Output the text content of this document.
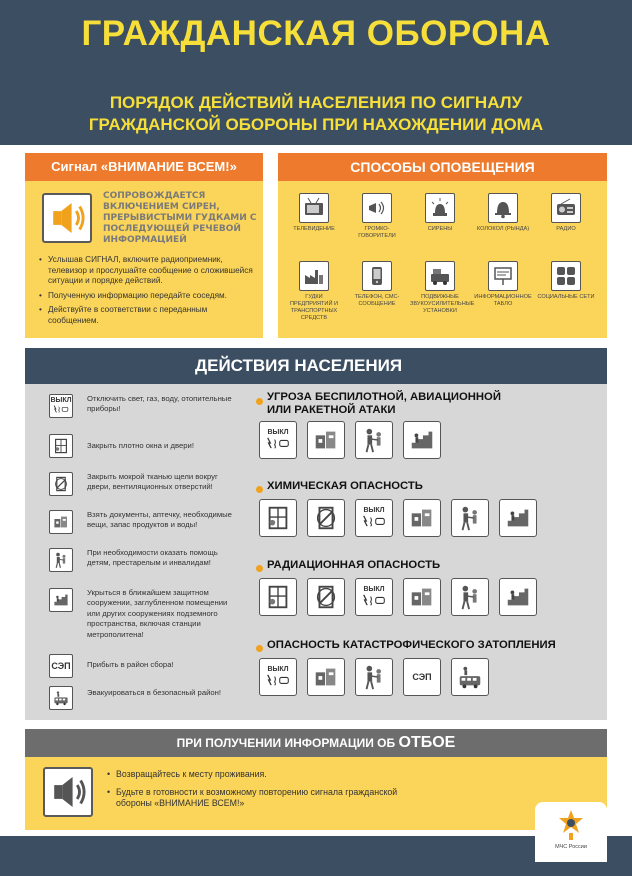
ГРАЖДАНСКАЯ ОБОРОНА
ПОРЯДОК ДЕЙСТВИЙ НАСЕЛЕНИЯ ПО СИГНАЛУ
ГРАЖДАНСКОЙ ОБОРОНЫ ПРИ НАХОЖДЕНИИ ДОМА
Сигнал «ВНИМАНИЕ ВСЕМ!»
СОПРОВОЖДАЕТСЯ ВКЛЮЧЕНИЕМ СИРЕН, ПРЕРЫВИСТЫМИ ГУДКАМИ С ПОСЛЕДУЮЩЕЙ РЕЧЕВОЙ ИНФОРМАЦИЕЙ
• Услышав СИГНАЛ, включите радиоприемник, телевизор и прослушайте сообщение о сложившейся ситуации и порядке действий.
• Полученную информацию передайте соседям.
• Действуйте в соответствии с переданным сообщением.
СПОСОБЫ ОПОВЕЩЕНИЯ
ТЕЛЕВИДЕНИЕ	ГРОМКО-ГОВОРИТЕЛИ
СИРЕНЫ	КОЛОКОЛ (РЫНДА)	РАДИО
ГУДКИ ПРЕДПРИЯТИЙ И ТРАНСПОРТНЫХ СРЕДСТВ
ТЕЛЕФОН, СМС-СООБЩЕНИЕ
ПОДВИЖНЫЕ ЗВУКОУСИЛИТЕЛЬНЫЕ УСТАНОВКИ
ИНФОРМАЦИОННОЕ ТАБЛО
СОЦИАЛЬНЫЕ СЕТИ
ДЕЙСТВИЯ НАСЕЛЕНИЯ
ВЫКЛ Отключить свет, газ, воду, отопительные приборы!
Закрыть плотно окна и двери!
Закрыть мокрой тканью щели вокруг двери, вентиляционных отверстий!
Взять документы, аптечку, необходимые вещи, запас продуктов и воды!
При необходимости оказать помощь детям, престарелым и инвалидам!
Укрыться в ближайшем защитном сооружении, заглубленном помещении или других сооружениях подземного пространства, включая станции метрополитена!
СЭП Прибыть в район сбора!
Эвакуироваться в безопасный район!
УГРОЗА БЕСПИЛОТНОЙ, АВИАЦИОННОЙ
ИЛИ РАКЕТНОЙ АТАКИ
ВЫКЛ

ХИМИЧЕСКАЯ ОПАСНОСТЬ
ВЫКЛ

РАДИАЦИОННАЯ ОПАСНОСТЬ
ВЫКЛ

ОПАСНОСТЬ КАТАСТРОФИЧЕСКОГО ЗАТОПЛЕНИЯ
ВЫКЛ

СЭП
ПРИ ПОЛУЧЕНИИ ИНФОРМАЦИИ ОБ ОТБОЕ
• Возвращайтесь к месту проживания.
• Будьте в готовности к возможному повторению сигнала гражданской обороны «ВНИМАНИЕ ВСЕМ!»
МЧС России
